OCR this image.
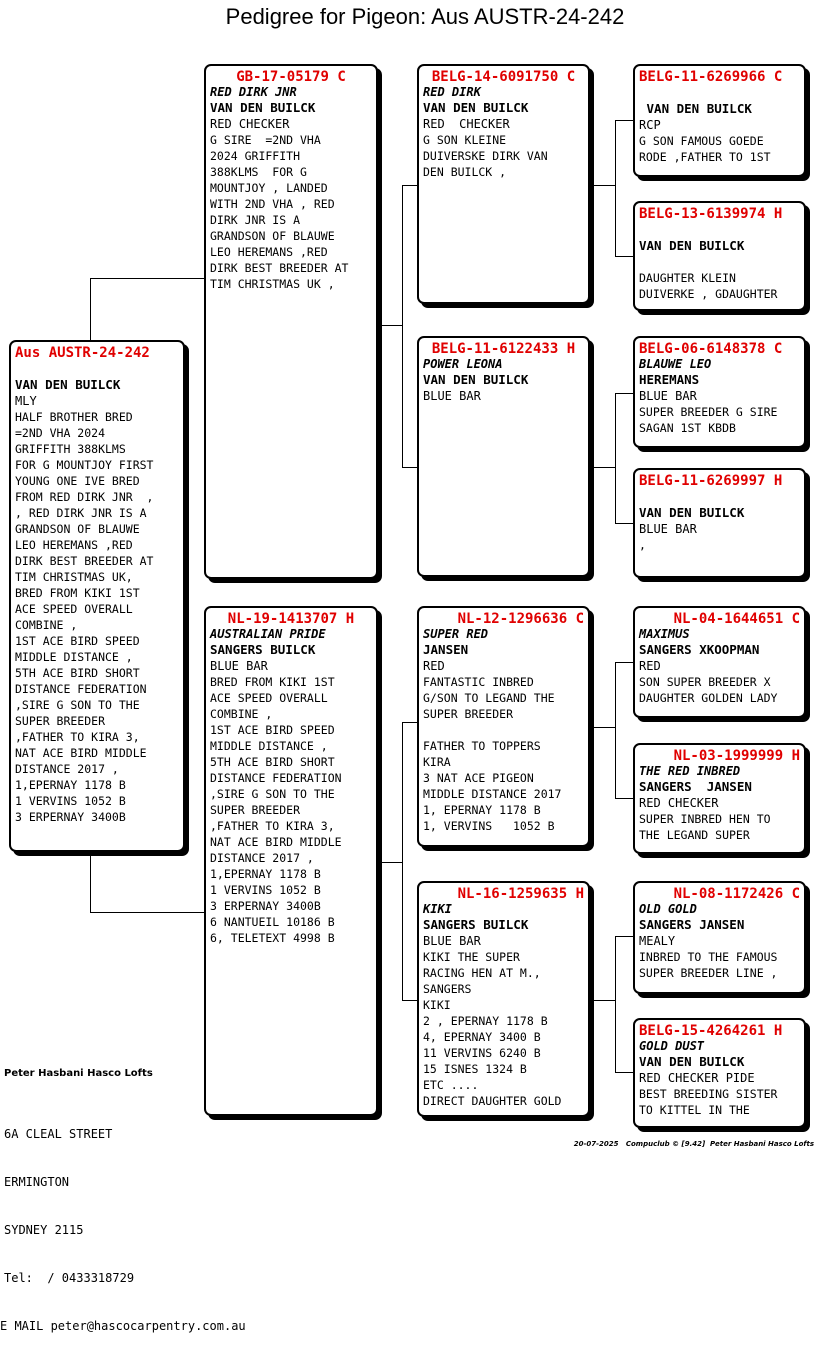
Pedigree for Pigeon: Aus AUSTR-24-242
Aus AUSTR-24-242
VAN DEN BUILCK
MLY
HALF BROTHER BRED
=2ND VHA 2024
GRIFFITH 388KLMS
FOR G MOUNTJOY FIRST
YOUNG ONE IVE BRED
FROM RED DIRK JNR  ,
, RED DIRK JNR IS A
GRANDSON OF BLAUWE
LEO HEREMANS ,RED
DIRK BEST BREEDER AT
TIM CHRISTMAS UK,
BRED FROM KIKI 1ST
ACE SPEED OVERALL
COMBINE ,
1ST ACE BIRD SPEED
MIDDLE DISTANCE ,
5TH ACE BIRD SHORT
DISTANCE FEDERATION
,SIRE G SON TO THE
SUPER BREEDER
,FATHER TO KIRA 3,
NAT ACE BIRD MIDDLE
DISTANCE 2017 ,
1,EPERNAY 1178 B
1 VERVINS 1052 B
3 ERPERNAY 3400B
GB-17-05179 C
RED DIRK JNR
VAN DEN BUILCK
RED CHECKER
G SIRE  =2ND VHA
2024 GRIFFITH
388KLMS  FOR G
MOUNTJOY , LANDED
WITH 2ND VHA , RED
DIRK JNR IS A
GRANDSON OF BLAUWE
LEO HEREMANS ,RED
DIRK BEST BREEDER AT
TIM CHRISTMAS UK ,
NL-19-1413707 H
AUSTRALIAN PRIDE
SANGERS BUILCK
BLUE BAR
BRED FROM KIKI 1ST
ACE SPEED OVERALL
COMBINE ,
1ST ACE BIRD SPEED
MIDDLE DISTANCE ,
5TH ACE BIRD SHORT
DISTANCE FEDERATION
,SIRE G SON TO THE
SUPER BREEDER
,FATHER TO KIRA 3,
NAT ACE BIRD MIDDLE
DISTANCE 2017 ,
1,EPERNAY 1178 B
1 VERVINS 1052 B
3 ERPERNAY 3400B
6 NANTUEIL 10186 B
6, TELETEXT 4998 B
BELG-14-6091750 C
RED DIRK
VAN DEN BUILCK
RED  CHECKER
G SON KLEINE
DUIVERSKE DIRK VAN
DEN BUILCK ,
BELG-11-6122433 H
POWER LEONA
VAN DEN BUILCK
BLUE BAR
NL-12-1296636 C
SUPER RED
JANSEN
RED
FANTASTIC INBRED
G/SON TO LEGAND THE
SUPER BREEDER

FATHER TO TOPPERS
KIRA
3 NAT ACE PIGEON
MIDDLE DISTANCE 2017
1, EPERNAY 1178 B
1, VERVINS   1052 B
NL-16-1259635 H
KIKI
SANGERS BUILCK
BLUE BAR
KIKI THE SUPER
RACING HEN AT M.,
SANGERS
KIKI
2 , EPERNAY 1178 B
4, EPERNAY 3400 B
11 VERVINS 6240 B
15 ISNES 1324 B
ETC ....
DIRECT DAUGHTER GOLD
BELG-11-6269966 C
VAN DEN BUILCK
RCP
G SON FAMOUS GOEDE
RODE ,FATHER TO 1ST
BELG-13-6139974 H
VAN DEN BUILCK
DAUGHTER KLEIN
DUIVERKE , GDAUGHTER
BELG-06-6148378 C
BLAUWE LEO
HEREMANS
BLUE BAR
SUPER BREEDER G SIRE
SAGAN 1ST KBDB
BELG-11-6269997 H
VAN DEN BUILCK
BLUE BAR
,
NL-04-1644651 C
MAXIMUS
SANGERS XKOOPMAN
RED
SON SUPER BREEDER X
DAUGHTER GOLDEN LADY
NL-03-1999999 H
THE RED INBRED
SANGERS  JANSEN
RED CHECKER
SUPER INBRED HEN TO
THE LEGAND SUPER
NL-08-1172426 C
OLD GOLD
SANGERS JANSEN
MEALY
INBRED TO THE FAMOUS
SUPER BREEDER LINE ,
BELG-15-4264261 H
GOLD DUST
VAN DEN BUILCK
RED CHECKER PIDE
BEST BREEDING SISTER
TO KITTEL IN THE

Peter Hasbani Hasco Lofts

6A CLEAL STREET

ERMINGTON

SYDNEY 2115

Tel:  / 0433318729

E MAIL peter@hascocarpentry.com.au

20-07-2025   Compuclub © [9.42]  Peter Hasbani Hasco Lofts
